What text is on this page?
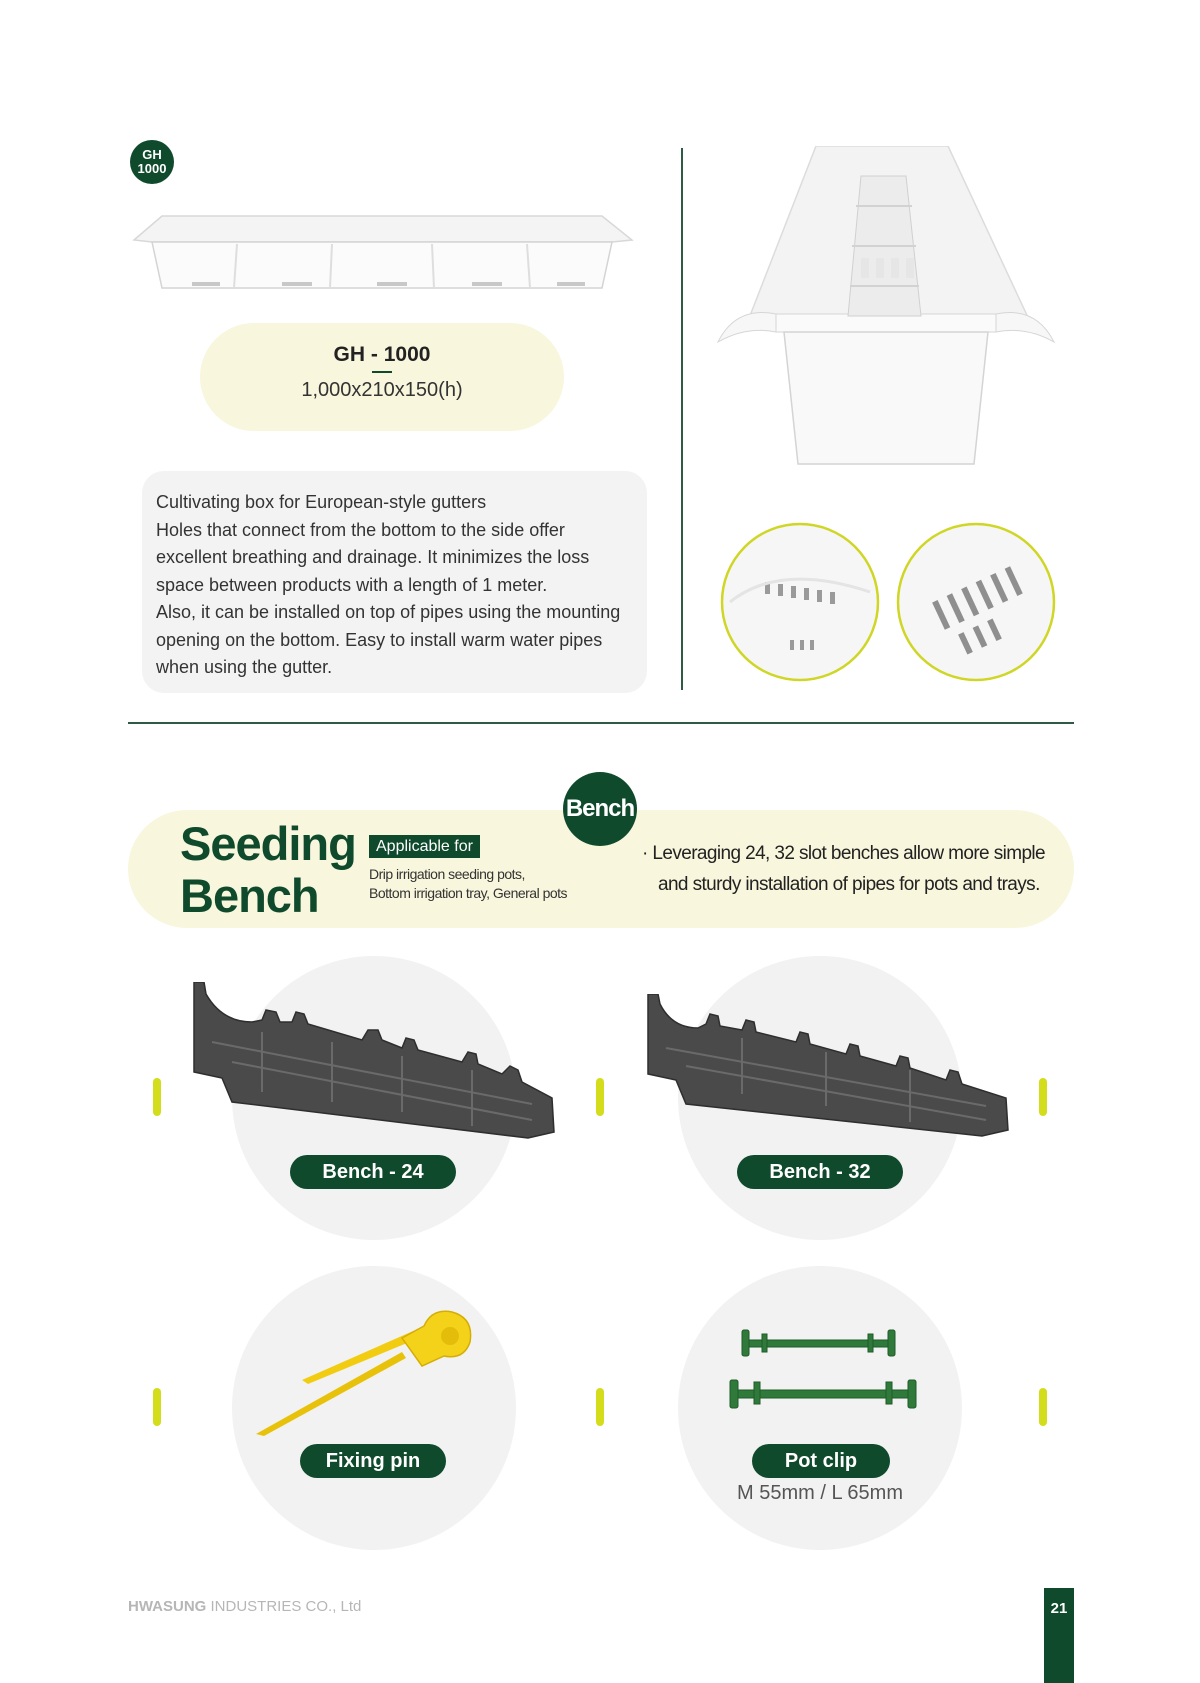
GH 1000
GH - 1000
1,000x210x150(h)

Cultivating box for European-style gutters

Holes that connect from the bottom to the side offer

excellent breathing and drainage. It minimizes the loss

space between products with a length of 1 meter.

Also, it can be installed on top of pipes using the mounting

opening on the bottom. Easy to install warm water pipes

when using the gutter.

Bench
Seeding
Bench
Applicable for
Drip irrigation seeding pots,
Bottom irrigation tray, General pots
· Leveraging 24, 32 slot benches allow more simple
and sturdy installation of pipes for pots and trays.
Bench - 24	Bench - 32
Fixing pin	Pot clip
M 55mm / L 65mm
HWASUNG INDUSTRIES CO., Ltd	21
